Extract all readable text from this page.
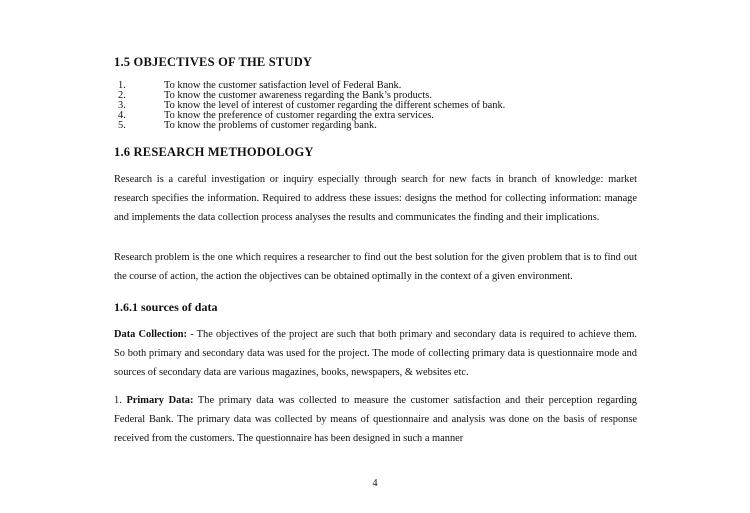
1.5 OBJECTIVES OF THE STUDY
1.	To know the customer satisfaction level of Federal Bank.
2.	To know the customer awareness regarding the Bank’s products.
3.	To know the level of interest of customer regarding the different schemes of bank.
4.	To know the preference of customer regarding the extra services.
5.	To know the problems of customer regarding bank.
1.6 RESEARCH METHODOLOGY

Research is a careful investigation or inquiry especially through search for new facts in branch of knowledge: market research specifies the information. Required to address these issues: designs the method for collecting information: manage and implements the data collection process analyses the results and communicates the finding and their implications.

Research problem is the one which requires a researcher to find out the best solution for the given problem that is to find out the course of action, the action the objectives can be obtained optimally in the context of a given environment.

1.6.1 sources of data

Data Collection: - The objectives of the project are such that both primary and secondary data is required to achieve them. So both primary and secondary data was used for the project. The mode of collecting primary data is questionnaire mode and sources of secondary data are various magazines, books, newspapers, & websites etc.

1. Primary Data: The primary data was collected to measure the customer satisfaction and their perception regarding Federal Bank. The primary data was collected by means of questionnaire and analysis was done on the basis of response received from the customers. The questionnaire has been designed in such a manner

4
